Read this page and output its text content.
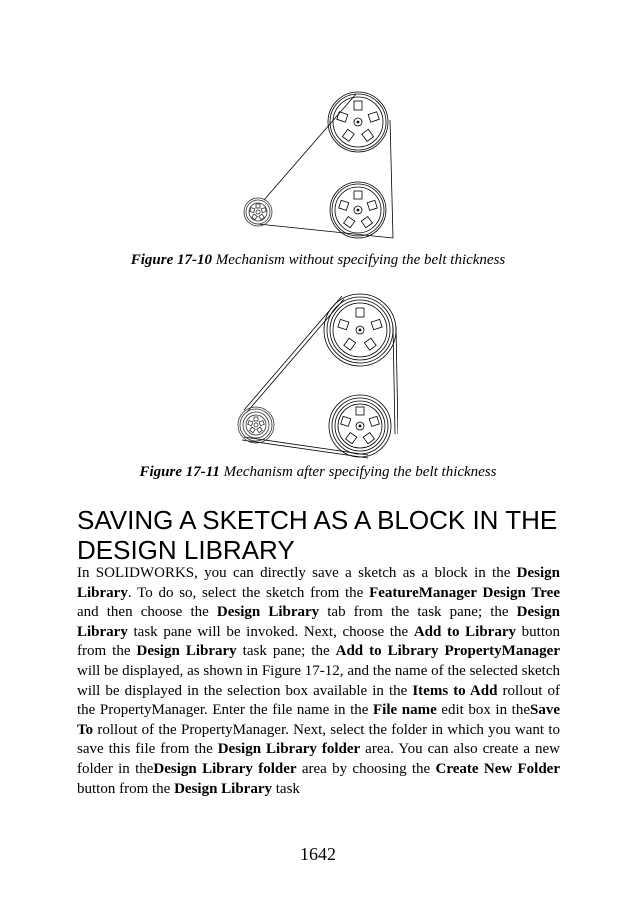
Figure 17-10 Mechanism without specifying the belt thickness
Figure 17-11 Mechanism after specifying the belt thickness
SAVING A SKETCH AS A BLOCK IN THE DESIGN LIBRARY

In SOLIDWORKS, you can directly save a sketch as a block in the Design Library. To do so, select the sketch from the FeatureManager Design Tree and then choose the Design Library tab from the task pane; the Design Library task pane will be invoked. Next, choose the Add to Library button from the Design Library task pane; the Add to Library PropertyManager will be displayed, as shown in Figure 17-12, and the name of the selected sketch will be displayed in the selection box available in the Items to Add rollout of the PropertyManager. Enter the file name in the File name edit box in theSave To rollout of the PropertyManager. Next, select the folder in which you want to save this file from the Design Library folder area. You can also create a new folder in theDesign Library folder area by choosing the Create New Folder button from the Design Library task

1642
